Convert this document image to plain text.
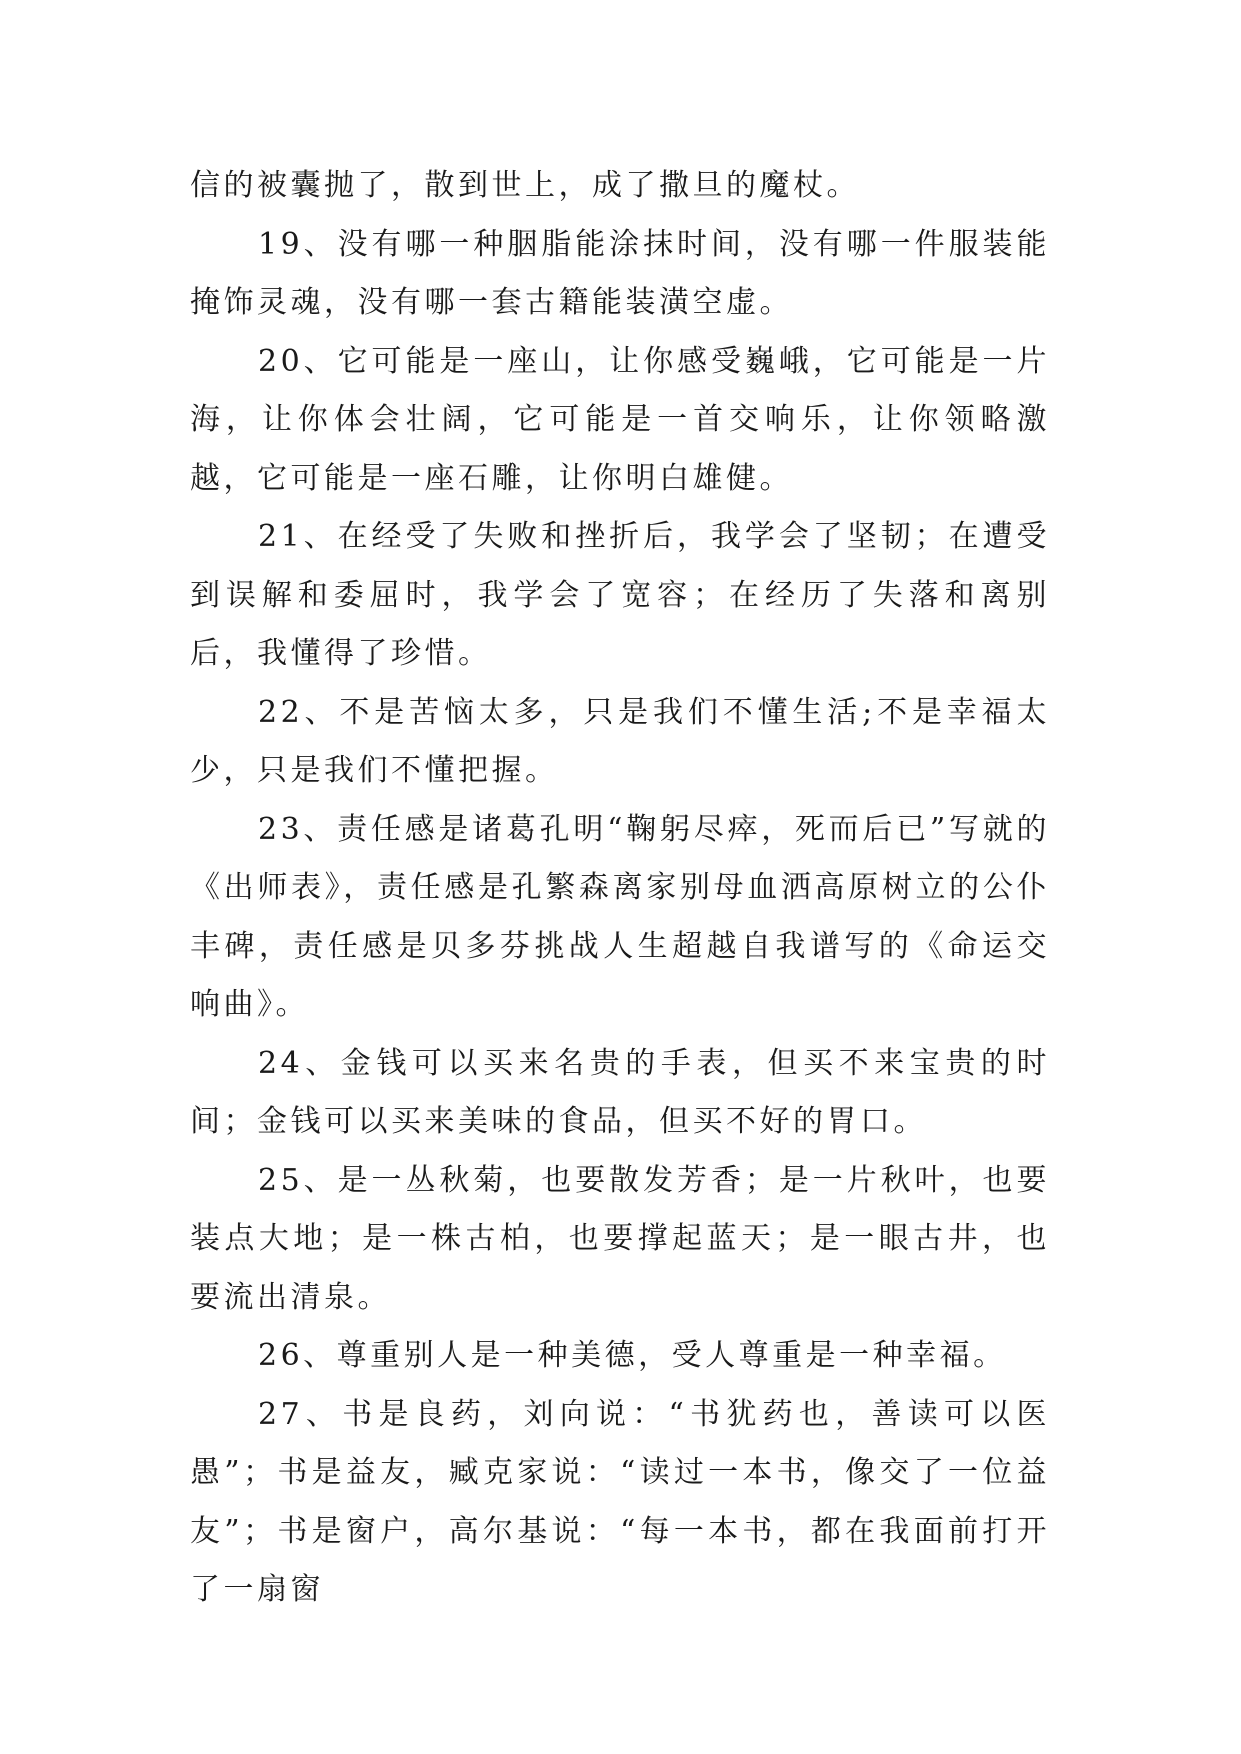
信的被囊抛了，散到世上，成了撒旦的魔杖。

19、没有哪一种胭脂能涂抹时间，没有哪一件服装能掩饰灵魂，没有哪一套古籍能装潢空虚。

20、它可能是一座山，让你感受巍峨，它可能是一片海，让你体会壮阔，它可能是一首交响乐，让你领略激越，它可能是一座石雕，让你明白雄健。

21、在经受了失败和挫折后，我学会了坚韧；在遭受到误解和委屈时，我学会了宽容；在经历了失落和离别后，我懂得了珍惜。

22、不是苦恼太多，只是我们不懂生活;不是幸福太少，只是我们不懂把握。

23、责任感是诸葛孔明“鞠躬尽瘁，死而后已”写就的《出师表》，责任感是孔繁森离家别母血洒高原树立的公仆丰碑，责任感是贝多芬挑战人生超越自我谱写的《命运交响曲》。

24、金钱可以买来名贵的手表，但买不来宝贵的时间；金钱可以买来美味的食品，但买不好的胃口。

25、是一丛秋菊，也要散发芳香；是一片秋叶，也要装点大地；是一株古柏，也要撑起蓝天；是一眼古井，也要流出清泉。

26、尊重别人是一种美德，受人尊重是一种幸福。

27、书是良药，刘向说：“书犹药也，善读可以医愚”；书是益友，臧克家说：“读过一本书，像交了一位益友”；书是窗户，高尔基说：“每一本书，都在我面前打开了一扇窗
